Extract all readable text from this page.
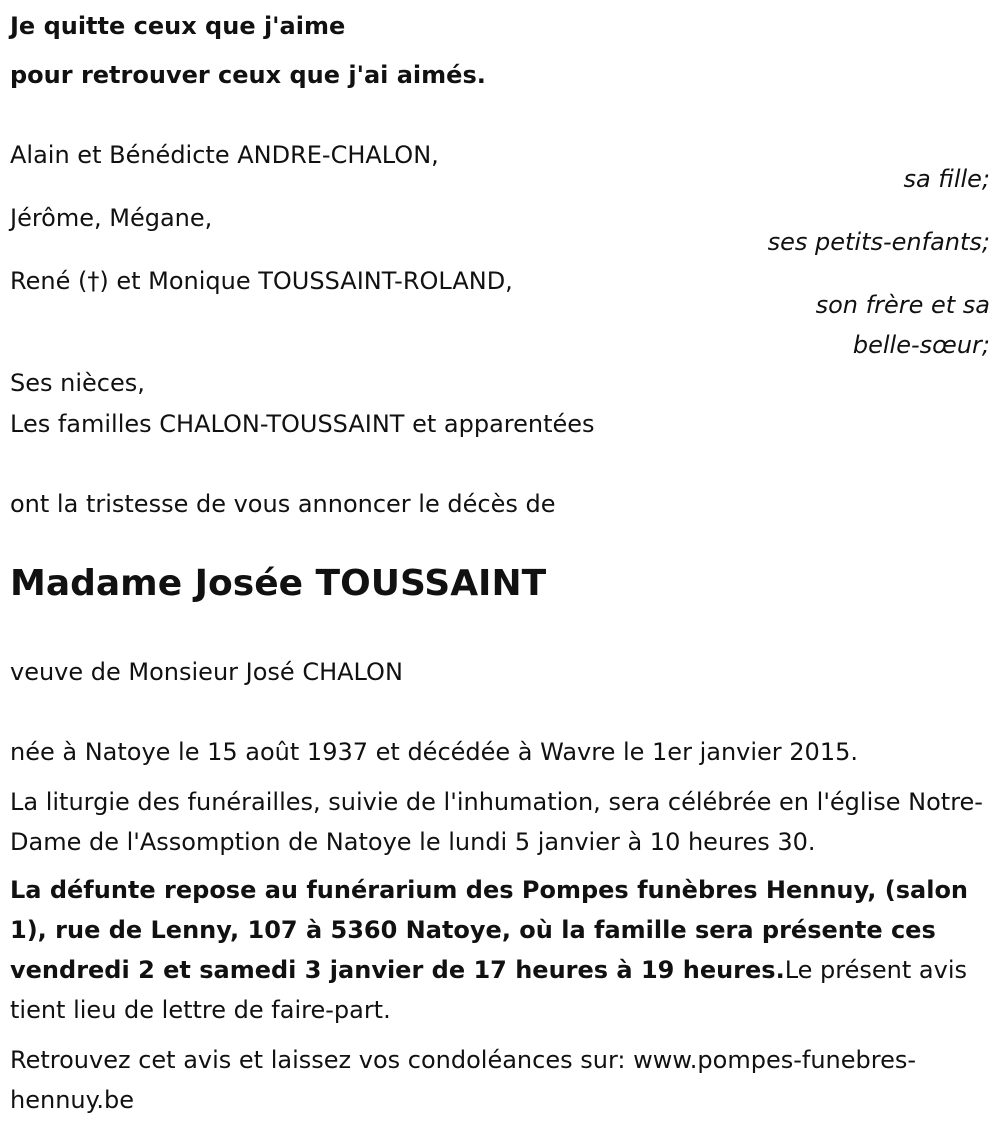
Je quitte ceux que j'aime

pour retrouver ceux que j'ai aimés.

Alain et Bénédicte ANDRE-CHALON,

sa fille;

Jérôme, Mégane,

ses petits-enfants;

René (†) et Monique TOUSSAINT-ROLAND,

son frère et sa

belle-sœur;

Ses nièces,

Les familles CHALON-TOUSSAINT et apparentées

ont la tristesse de vous annoncer le décès de

Madame Josée TOUSSAINT

veuve de Monsieur José CHALON

née à Natoye le 15 août 1937 et décédée à Wavre le 1er janvier 2015.

La liturgie des funérailles, suivie de l'inhumation, sera célébrée en l'église Notre-Dame de l'Assomption de Natoye le lundi 5 janvier à 10 heures 30.

La défunte repose au funérarium des Pompes funèbres Hennuy, (salon 1), rue de Lenny, 107 à 5360 Natoye, où la famille sera présente ces vendredi 2 et samedi 3 janvier de 17 heures à 19 heures.Le présent avis tient lieu de lettre de faire-part.

Retrouvez cet avis et laissez vos condoléances sur: www.pompes-funebres-hennuy.be
